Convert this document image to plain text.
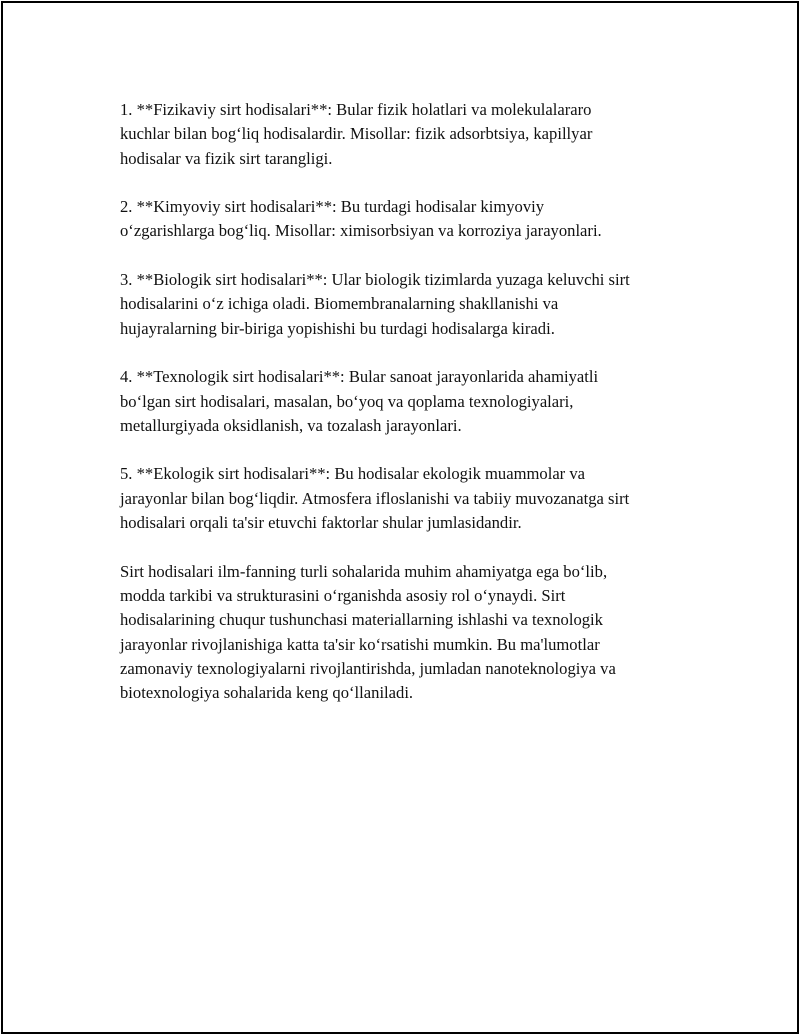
1. **Fizikaviy sirt hodisalari**: Bular fizik holatlari va molekulalararo
kuchlar bilan bog‘liq hodisalardir. Misollar: fizik adsorbtsiya, kapillyar
hodisalar va fizik sirt tarangligi.

2. **Kimyoviy sirt hodisalari**: Bu turdagi hodisalar kimyoviy
o‘zgarishlarga bog‘liq. Misollar: ximisorbsiyan va korroziya jarayonlari.

3. **Biologik sirt hodisalari**: Ular biologik tizimlarda yuzaga keluvchi sirt
hodisalarini o‘z ichiga oladi. Biomembranalarning shakllanishi va
hujayralarning bir-biriga yopishishi bu turdagi hodisalarga kiradi.

4. **Texnologik sirt hodisalari**: Bular sanoat jarayonlarida ahamiyatli
bo‘lgan sirt hodisalari, masalan, bo‘yoq va qoplama texnologiyalari,
metallurgiyada oksidlanish, va tozalash jarayonlari.

5. **Ekologik sirt hodisalari**: Bu hodisalar ekologik muammolar va
jarayonlar bilan bog‘liqdir. Atmosfera ifloslanishi va tabiiy muvozanatga sirt
hodisalari orqali ta'sir etuvchi faktorlar shular jumlasidandir.

Sirt hodisalari ilm-fanning turli sohalarida muhim ahamiyatga ega bo‘lib,
modda tarkibi va strukturasini o‘rganishda asosiy rol o‘ynaydi. Sirt
hodisalarining chuqur tushunchasi materiallarning ishlashi va texnologik
jarayonlar rivojlanishiga katta ta'sir ko‘rsatishi mumkin. Bu ma'lumotlar
zamonaviy texnologiyalarni rivojlantirishda, jumladan nanoteknologiya va
biotexnologiya sohalarida keng qo‘llaniladi.
